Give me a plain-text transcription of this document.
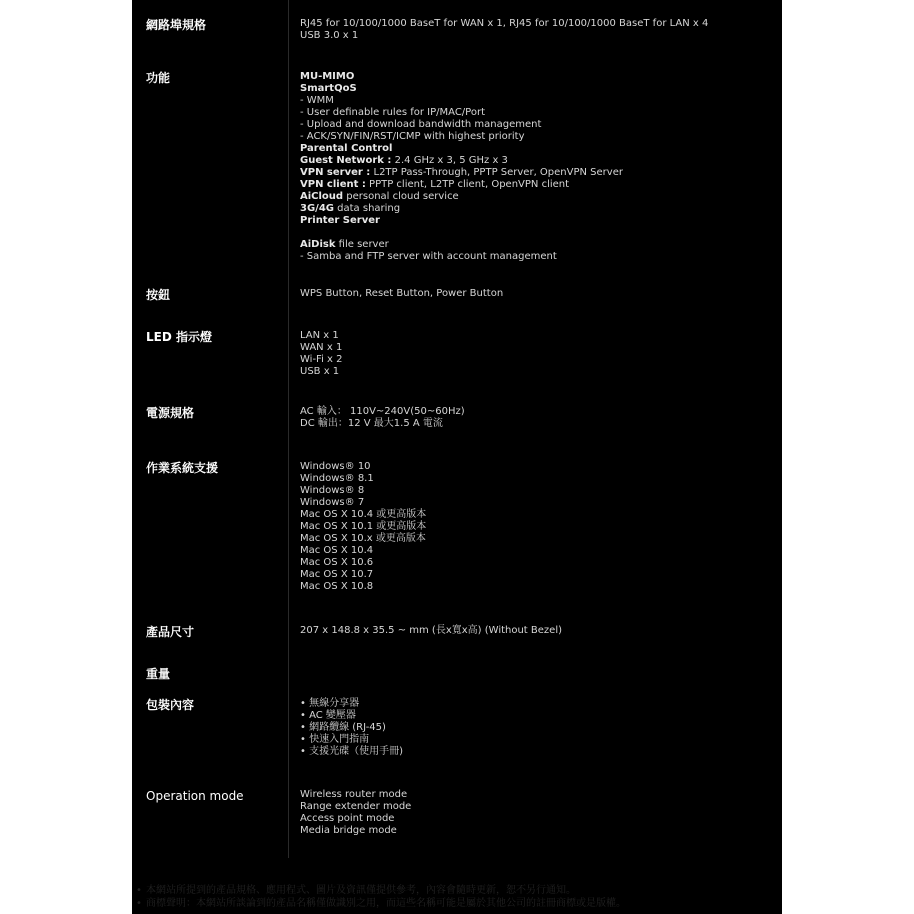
網路埠規格	RJ45 for 10/100/1000 BaseT for WAN x 1, RJ45 for 10/100/1000 BaseT for LAN x 4
USB 3.0 x 1
功能	MU-MIMO
SmartQoS
- WMM
- User definable rules for IP/MAC/Port
- Upload and download bandwidth management
- ACK/SYN/FIN/RST/ICMP with highest priority
Parental Control
Guest Network : 2.4 GHz x 3, 5 GHz x 3
VPN server : L2TP Pass-Through, PPTP Server, OpenVPN Server
VPN client : PPTP client, L2TP client, OpenVPN client
AiCloud personal cloud service
3G/4G data sharing
Printer Server
AiDisk file server
- Samba and FTP server with account management
按鈕	WPS Button, Reset Button, Power Button
LED 指示燈	LAN x 1
WAN x 1
Wi-Fi x 2
USB x 1
電源規格	AC 輸入： 110V~240V(50~60Hz)
DC 輸出：12 V 最大1.5 A 電流
作業系統支援	Windows® 10
Windows® 8.1
Windows® 8
Windows® 7
Mac OS X 10.4 或更高版本
Mac OS X 10.1 或更高版本
Mac OS X 10.x 或更高版本
Mac OS X 10.4
Mac OS X 10.6
Mac OS X 10.7
Mac OS X 10.8
產品尺寸	207 x 148.8 x 35.5 ~ mm (長x寬x高) (Without Bezel)
重量
包裝內容	• 無線分享器
• AC 變壓器
• 網路纜線 (RJ-45)
• 快速入門指南
• 支援光碟（使用手冊)
Operation mode	Wireless router mode
Range extender mode
Access point mode
Media bridge mode
• 本網站所提到的產品規格、應用程式、圖片及資訊僅提供參考，內容會隨時更新，恕不另行通知。
• 商標聲明：本網站所談論到的產品名稱僅做識別之用，而這些名稱可能是屬於其他公司的註冊商標或是版權。
